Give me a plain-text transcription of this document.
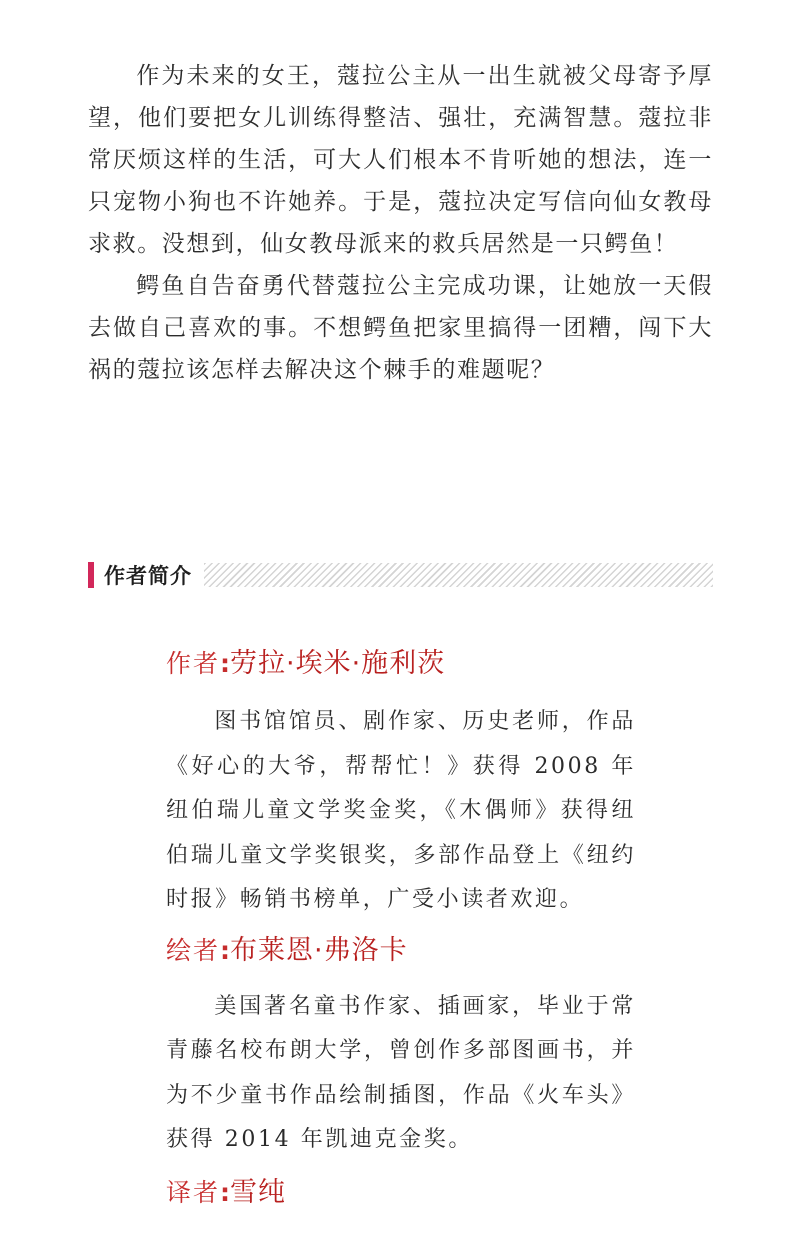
作为未来的女王，蔻拉公主从一出生就被父母寄予厚望，他们要把女儿训练得整洁、强壮，充满智慧。蔻拉非常厌烦这样的生活，可大人们根本不肯听她的想法，连一只宠物小狗也不许她养。于是，蔻拉决定写信向仙女教母求救。没想到，仙女教母派来的救兵居然是一只鳄鱼！

鳄鱼自告奋勇代替蔻拉公主完成功课，让她放一天假去做自己喜欢的事。不想鳄鱼把家里搞得一团糟，闯下大祸的蔻拉该怎样去解决这个棘手的难题呢？

作者简介

作者:劳拉·埃米·施利茨

图书馆馆员、剧作家、历史老师，作品《好心的大爷，帮帮忙！》获得 2008 年纽伯瑞儿童文学奖金奖，《木偶师》获得纽伯瑞儿童文学奖银奖，多部作品登上《纽约时报》畅销书榜单，广受小读者欢迎。

绘者:布莱恩·弗洛卡

美国著名童书作家、插画家，毕业于常青藤名校布朗大学，曾创作多部图画书，并为不少童书作品绘制插图，作品《火车头》获得 2014 年凯迪克金奖。

译者:雪纯
